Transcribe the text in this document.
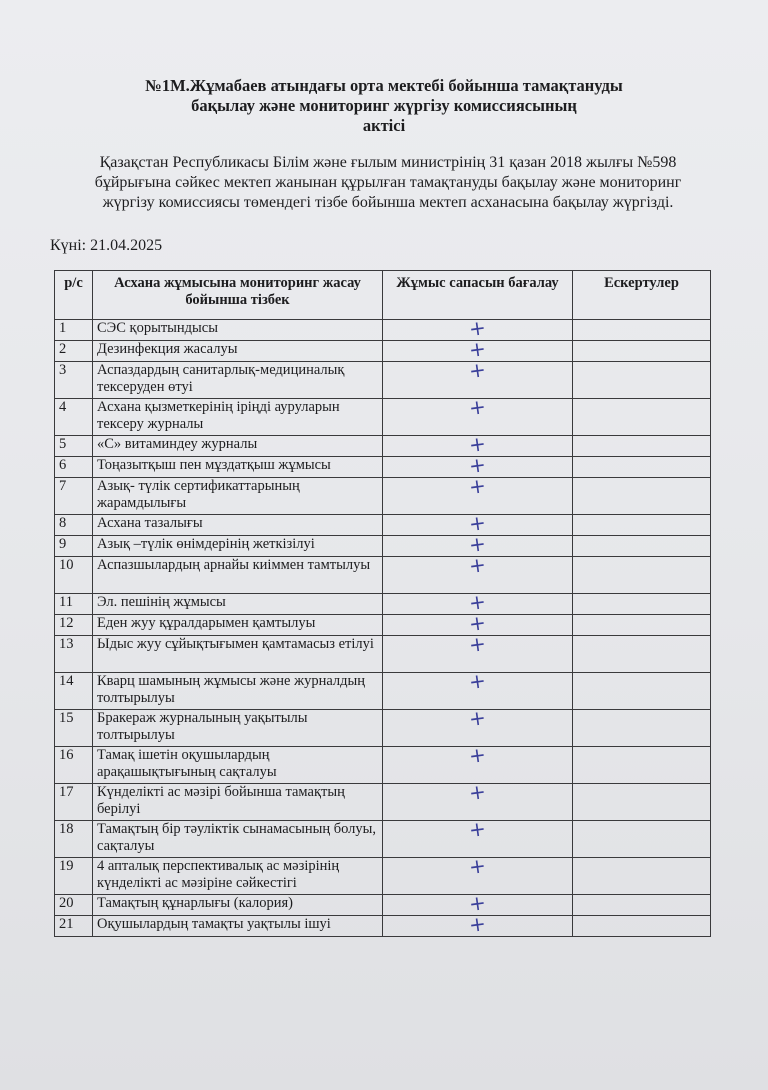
№1М.Жұмабаев атындағы орта мектебі бойынша тамақтануды
бақылау және мониторинг жүргізу комиссиясының
актісі
Қазақстан Республикасы Білім және ғылым министрінің 31 қазан 2018 жылғы №598
бұйрығына сәйкес мектеп жанынан құрылған тамақтануды бақылау және мониторинг
жүргізу комиссиясы төмендегі тізбе бойынша мектеп асханасына бақылау жүргізді.
Күні: 21.04.2025
р/с	Асхана жұмысына мониторинг жасау бойынша тізбек	Жұмыс сапасын бағалау	Ескертулер
1	СЭС қорытындысы	+	
2	Дезинфекция жасалуы	+	
3	Аспаздардың санитарлық-медициналық тексеруден өтуі	+	
4	Асхана қызметкерінің іріңді ауруларын тексеру журналы	+	
5	«С» витаминдеу журналы	+	
6	Тоңазытқыш пен мұздатқыш жұмысы	+	
7	Азық- түлік сертификаттарының жарамдылығы	+	
8	Асхана тазалығы	+	
9	Азық –түлік өнімдерінің жеткізілуі	+	
10	Аспазшылардың арнайы киіммен тамтылуы	+	
11	Эл. пешінің жұмысы	+	
12	Еден жуу құралдарымен қамтылуы	+	
13	Ыдыс жуу сұйықтығымен қамтамасыз етілуі	+	
14	Кварц шамының жұмысы және журналдың толтырылуы	+	
15	Бракераж журналының уақытылы толтырылуы	+	
16	Тамақ ішетін оқушылардың арақашықтығының сақталуы	+	
17	Күнделікті ас мәзірі бойынша тамақтың берілуі	+	
18	Тамақтың бір тәуліктік сынамасының болуы, сақталуы	+	
19	4 апталық перспективалық ас мәзірінің күнделікті ас мәзіріне сәйкестігі	+	
20	Тамақтың құнарлығы (калория)	+	
21	Оқушылардың тамақты уақтылы ішуі	+	
